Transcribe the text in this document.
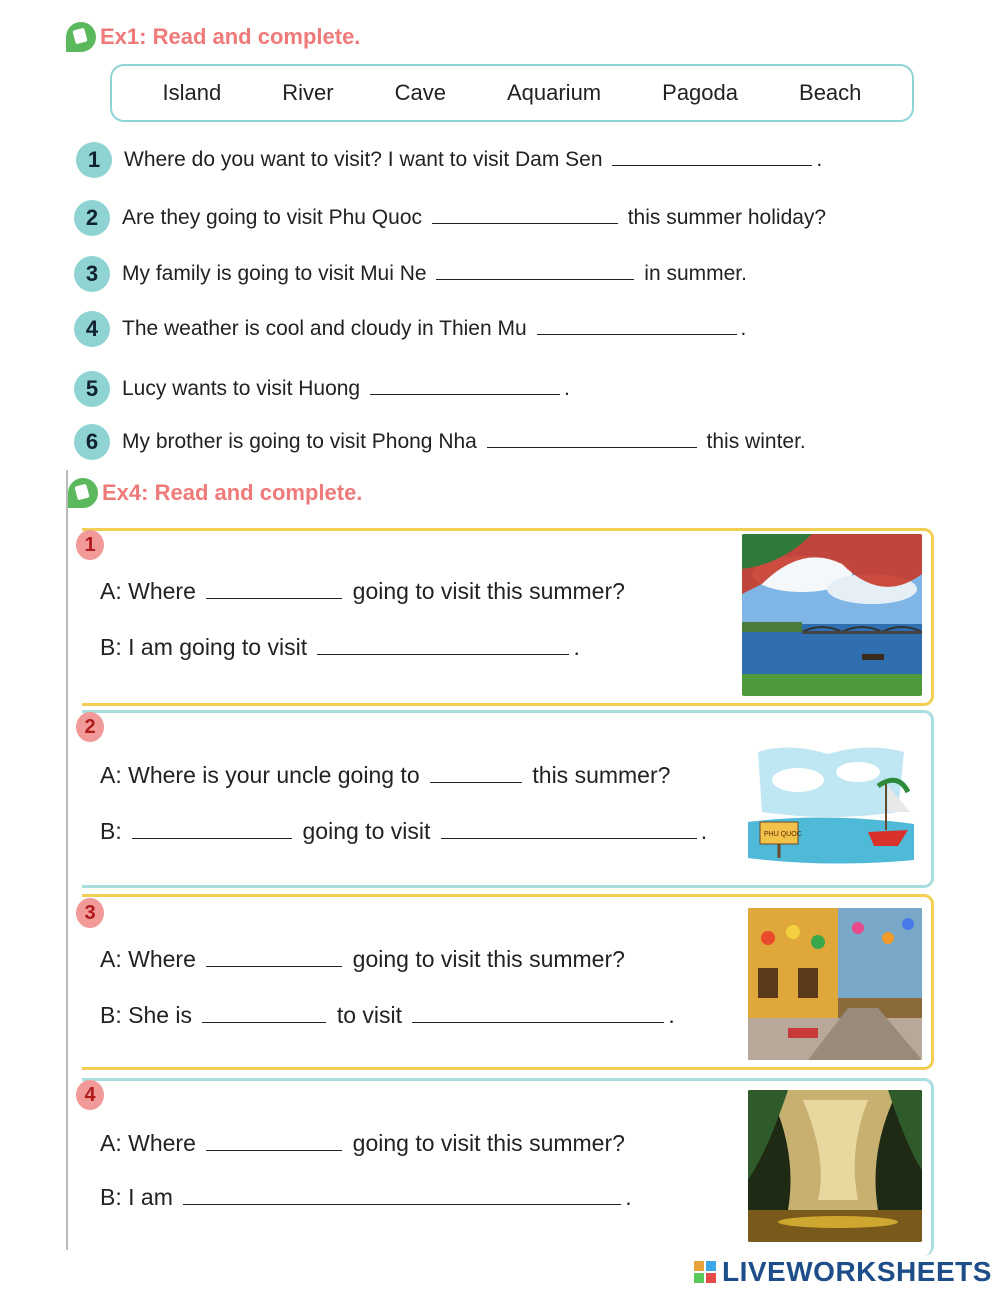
Ex1: Read and complete.
Island	River	Cave	Aquarium	Pagoda	Beach
1	Where do you want to visit? I want to visit Dam Sen	.
2	Are they going to visit Phu Quoc	this summer holiday?
3	My family is going to visit Mui Ne	in summer.
4	The weather is cool and cloudy in Thien Mu	.
5	Lucy wants to visit Huong	.
6	My brother is going to visit Phong Nha	this winter.
Ex4: Read and complete.
1
A: Where	going to visit this summer?
B: I am going to visit	.
2
A: Where is your uncle going to	this summer?
B:	going to visit	.	PHU QUOC
3
A: Where	going to visit this summer?
B: She is	to visit	.
4
A: Where	going to visit this summer?
B: I am	.
LIVEWORKSHEETS
